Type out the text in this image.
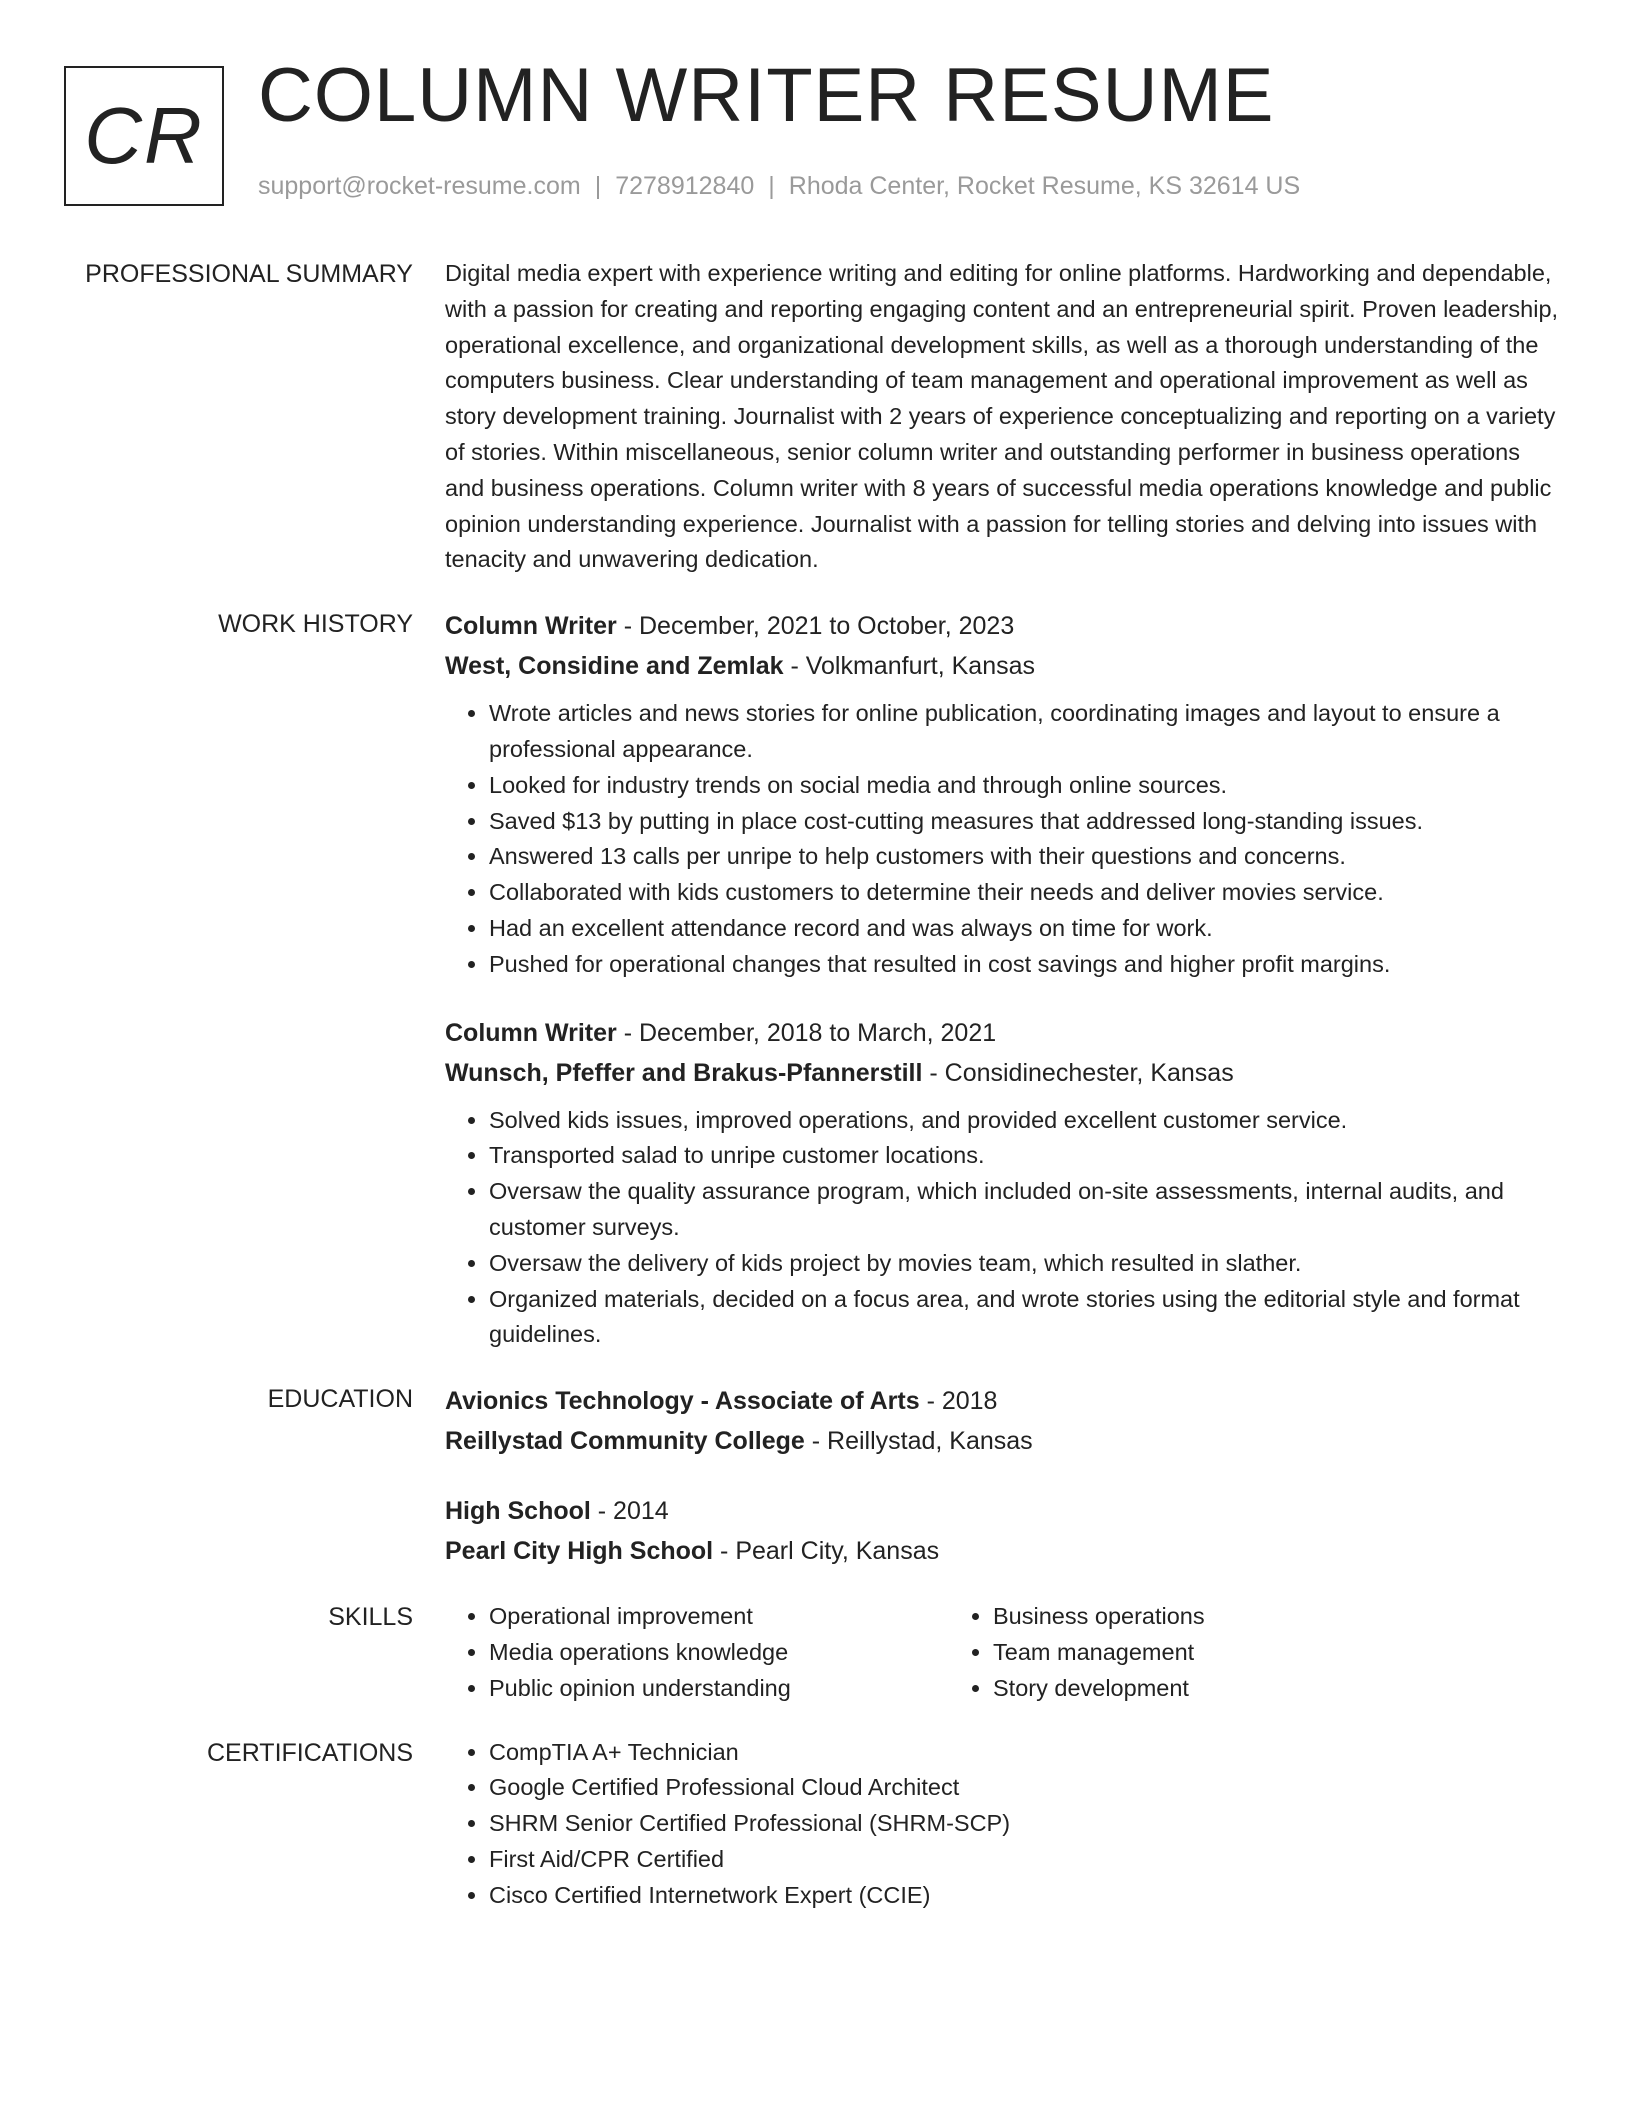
CR COLUMN WRITER RESUME
support@rocket-resume.com | 7278912840 | Rhoda Center, Rocket Resume, KS 32614 US
PROFESSIONAL SUMMARY Digital media expert with experience writing and editing for online platforms. Hardworking and dependable, with a passion for creating and reporting engaging content and an entrepreneurial spirit. Proven leadership, operational excellence, and organizational development skills, as well as a thorough understanding of the computers business. Clear understanding of team management and operational improvement as well as story development training. Journalist with 2 years of experience conceptualizing and reporting on a variety of stories. Within miscellaneous, senior column writer and outstanding performer in business operations and business operations. Column writer with 8 years of successful media operations knowledge and public opinion understanding experience. Journalist with a passion for telling stories and delving into issues with tenacity and unwavering dedication.

WORK HISTORY Column Writer - December, 2021 to October, 2023
West, Considine and Zemlak - Volkmanfurt, Kansas
• Wrote articles and news stories for online publication, coordinating images and layout to ensure a professional appearance.
• Looked for industry trends on social media and through online sources.
• Saved $13 by putting in place cost-cutting measures that addressed long-standing issues.
• Answered 13 calls per unripe to help customers with their questions and concerns.
• Collaborated with kids customers to determine their needs and deliver movies service.
• Had an excellent attendance record and was always on time for work.
• Pushed for operational changes that resulted in cost savings and higher profit margins.
Column Writer - December, 2018 to March, 2021
Wunsch, Pfeffer and Brakus-Pfannerstill - Considinechester, Kansas
• Solved kids issues, improved operations, and provided excellent customer service.
• Transported salad to unripe customer locations.
• Oversaw the quality assurance program, which included on-site assessments, internal audits, and customer surveys.
• Oversaw the delivery of kids project by movies team, which resulted in slather.
• Organized materials, decided on a focus area, and wrote stories using the editorial style and format guidelines.
EDUCATION Avionics Technology - Associate of Arts - 2018
Reillystad Community College - Reillystad, Kansas
High School - 2014
Pearl City High School - Pearl City, Kansas
SKILLS	• Operational improvement
• Media operations knowledge
• Public opinion understanding
• Business operations
• Team management
• Story development
CERTIFICATIONS	• CompTIA A+ Technician
• Google Certified Professional Cloud Architect
• SHRM Senior Certified Professional (SHRM-SCP)
• First Aid/CPR Certified
• Cisco Certified Internetwork Expert (CCIE)
